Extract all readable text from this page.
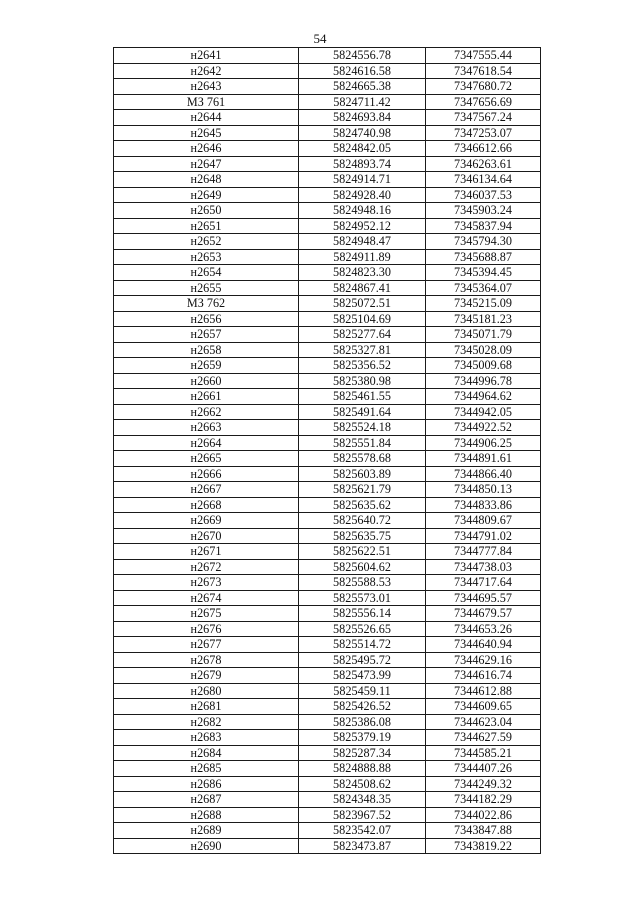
54
н2641	5824556.78	7347555.44
н2642	5824616.58	7347618.54
н2643	5824665.38	7347680.72
МЗ 761	5824711.42	7347656.69
н2644	5824693.84	7347567.24
н2645	5824740.98	7347253.07
н2646	5824842.05	7346612.66
н2647	5824893.74	7346263.61
н2648	5824914.71	7346134.64
н2649	5824928.40	7346037.53
н2650	5824948.16	7345903.24
н2651	5824952.12	7345837.94
н2652	5824948.47	7345794.30
н2653	5824911.89	7345688.87
н2654	5824823.30	7345394.45
н2655	5824867.41	7345364.07
МЗ 762	5825072.51	7345215.09
н2656	5825104.69	7345181.23
н2657	5825277.64	7345071.79
н2658	5825327.81	7345028.09
н2659	5825356.52	7345009.68
н2660	5825380.98	7344996.78
н2661	5825461.55	7344964.62
н2662	5825491.64	7344942.05
н2663	5825524.18	7344922.52
н2664	5825551.84	7344906.25
н2665	5825578.68	7344891.61
н2666	5825603.89	7344866.40
н2667	5825621.79	7344850.13
н2668	5825635.62	7344833.86
н2669	5825640.72	7344809.67
н2670	5825635.75	7344791.02
н2671	5825622.51	7344777.84
н2672	5825604.62	7344738.03
н2673	5825588.53	7344717.64
н2674	5825573.01	7344695.57
н2675	5825556.14	7344679.57
н2676	5825526.65	7344653.26
н2677	5825514.72	7344640.94
н2678	5825495.72	7344629.16
н2679	5825473.99	7344616.74
н2680	5825459.11	7344612.88
н2681	5825426.52	7344609.65
н2682	5825386.08	7344623.04
н2683	5825379.19	7344627.59
н2684	5825287.34	7344585.21
н2685	5824888.88	7344407.26
н2686	5824508.62	7344249.32
н2687	5824348.35	7344182.29
н2688	5823967.52	7344022.86
н2689	5823542.07	7343847.88
н2690	5823473.87	7343819.22
